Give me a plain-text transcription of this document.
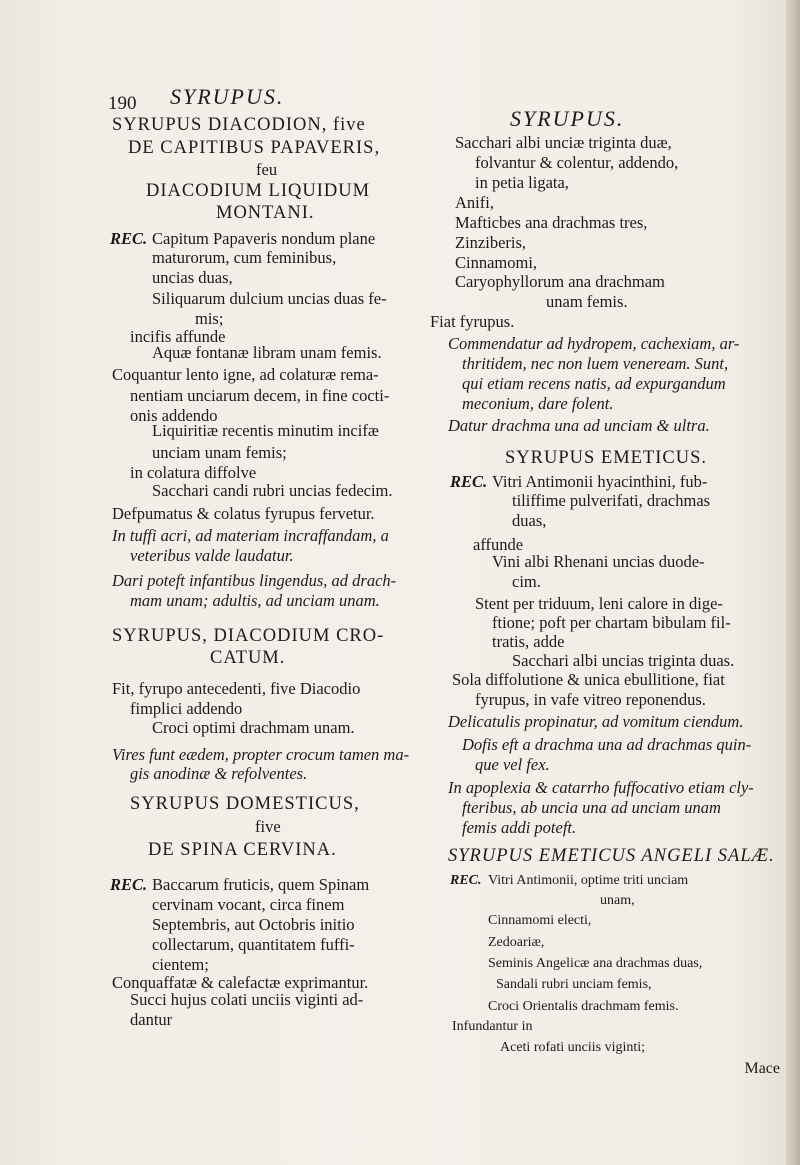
190 SYRUPUS.
SYRUPUS.
SYRUPUS DIACODION, five
DE CAPITIBUS PAPAVERIS,
feu
DIACODIUM LIQUIDUM
MONTANI.
REC. Capitum Papaveris nondum plane
maturorum, cum feminibus,
uncias duas,
Siliquarum dulcium uncias duas fe-
mis;
incifis affunde
Aquæ fontanæ libram unam femis.
Coquantur lento igne, ad colaturæ rema-
nentiam unciarum decem, in fine cocti-
onis addendo
Liquiritiæ recentis minutim incifæ
unciam unam femis;
in colatura diffolve
Sacchari candi rubri uncias fedecim.
Defpumatus & colatus fyrupus fervetur.
In tuffi acri, ad materiam incraffandam, a
veteribus valde laudatur.
Dari poteft infantibus lingendus, ad drach-
mam unam; adultis, ad unciam unam.
SYRUPUS, DIACODIUM CRO-
CATUM.
Fit, fyrupo antecedenti, five Diacodio
fimplici addendo
Croci optimi drachmam unam.
Vires funt eædem, propter crocum tamen ma-
gis anodinæ & refolventes.
SYRUPUS DOMESTICUS,
five
DE SPINA CERVINA.
REC. Baccarum fruticis, quem Spinam
cervinam vocant, circa finem
Septembris, aut Octobris initio
collectarum, quantitatem fuffi-
cientem;
Conquaffatæ & calefactæ exprimantur.
Succi hujus colati unciis viginti ad-
dantur
Sacchari albi unciæ triginta duæ,
folvantur & colentur, addendo,
in petia ligata,
Anifi,
Mafticbes ana drachmas tres,
Zinziberis,
Cinnamomi,
Caryophyllorum ana drachmam
unam femis.
Fiat fyrupus.
Commendatur ad hydropem, cachexiam, ar-
thritidem, nec non luem veneream. Sunt,
qui etiam recens natis, ad expurgandum
meconium, dare folent.
Datur drachma una ad unciam & ultra.
SYRUPUS EMETICUS.
REC. Vitri Antimonii hyacinthini, fub-
tiliffime pulverifati, drachmas
duas,
affunde
Vini albi Rhenani uncias duode-
cim.
Stent per triduum, leni calore in dige-
ftione; poft per chartam bibulam fil-
tratis, adde
Sacchari albi uncias triginta duas.
Sola diffolutione & unica ebullitione, fiat
fyrupus, in vafe vitreo reponendus.
Delicatulis propinatur, ad vomitum ciendum.
Dofis eft a drachma una ad drachmas quin-
que vel fex.
In apoplexia & catarrho fuffocativo etiam cly-
fteribus, ab uncia una ad unciam unam
femis addi poteft.
SYRUPUS EMETICUS ANGELI SALÆ.
REC. Vitri Antimonii, optime triti unciam
unam,
Cinnamomi electi,
Zedoariæ,
Seminis Angelicæ ana drachmas duas,
Sandali rubri unciam femis,
Croci Orientalis drachmam femis.
Infundantur in
Aceti rofati unciis viginti;
Mace
